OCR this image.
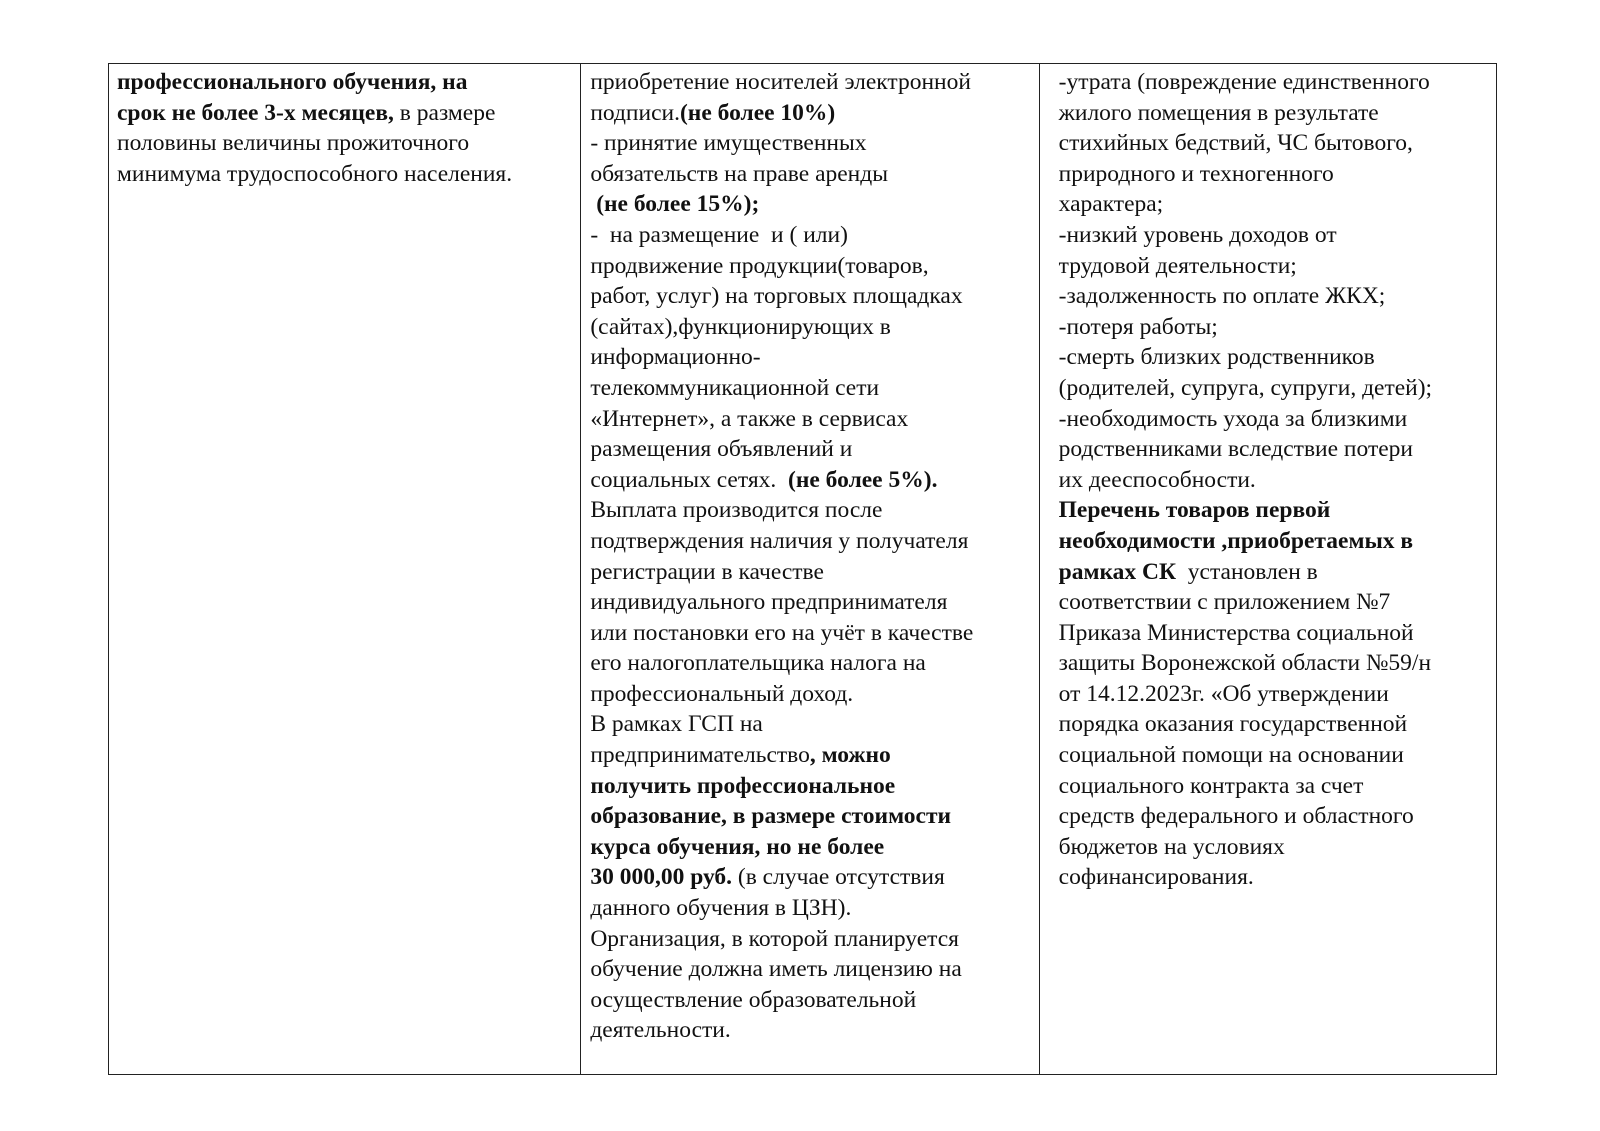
профессионального обучения, на
срок не более 3-х месяцев, в размере
половины величины прожиточного
минимума трудоспособного населения.
приобретение носителей электронной
подписи.(не более 10%)
- принятие имущественных
обязательств на праве аренды
(не более 15%);
-  на размещение  и ( или)
продвижение продукции(товаров,
работ, услуг) на торговых площадках
(сайтах),функционирующих в
информационно-
телекоммуникационной сети
«Интернет», а также в сервисах
размещения объявлений и
социальных сетях.  (не более 5%).
Выплата производится после
подтверждения наличия у получателя
регистрации в качестве
индивидуального предпринимателя
или постановки его на учёт в качестве
его налогоплательщика налога на
профессиональный доход.
В рамках ГСП на
предпринимательство, можно
получить профессиональное
образование, в размере стоимости
курса обучения, но не более
30 000,00 руб. (в случае отсутствия
данного обучения в ЦЗН).
Организация, в которой планируется
обучение должна иметь лицензию на
осуществление образовательной
деятельности.
-утрата (повреждение единственного
жилого помещения в результате
стихийных бедствий, ЧС бытового,
природного и техногенного
характера;
-низкий уровень доходов от
трудовой деятельности;
-задолженность по оплате ЖКХ;
-потеря работы;
-смерть близких родственников
(родителей, супруга, супруги, детей);
-необходимость ухода за близкими
родственниками вследствие потери
их дееспособности.
Перечень товаров первой
необходимости ,приобретаемых в
рамках СК  установлен в
соответствии с приложением №7
Приказа Министерства социальной
защиты Воронежской области №59/н
от 14.12.2023г. «Об утверждении
порядка оказания государственной
социальной помощи на основании
социального контракта за счет
средств федерального и областного
бюджетов на условиях
софинансирования.
